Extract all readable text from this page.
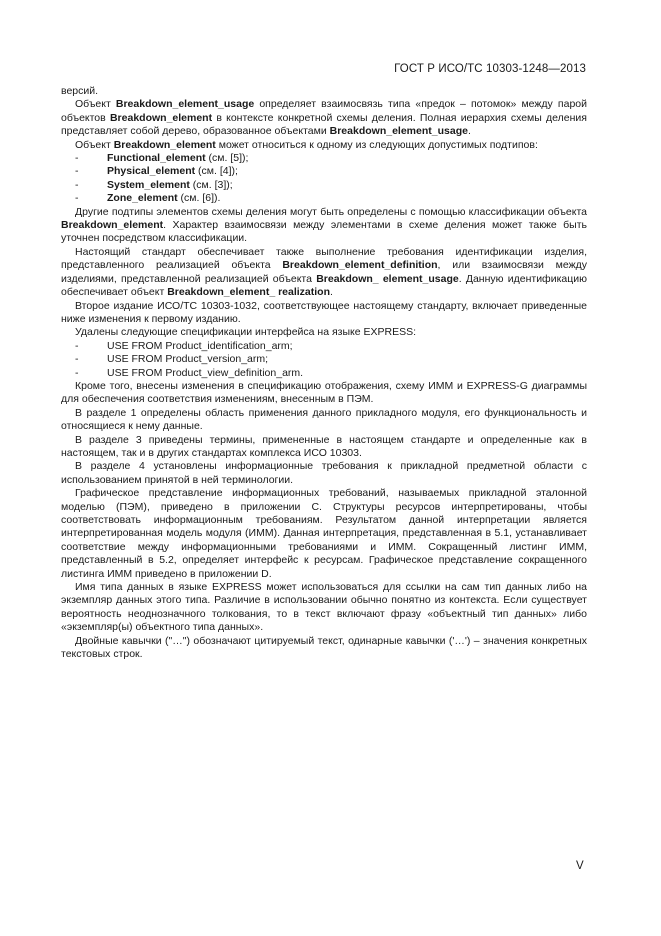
ГОСТ Р ИСО/ТС 10303-1248—2013

версий.

Объект Breakdown_element_usage определяет взаимосвязь типа «предок – потомок» между парой объектов Breakdown_element в контексте конкретной схемы деления. Полная иерархия схемы деления представляет собой дерево, образованное объектами Breakdown_element_usage.

Объект Breakdown_element может относиться к одному из следующих допустимых подтипов:

-	Functional_element (см. [5]);

-	Physical_element (см. [4]);

-	System_element (см. [3]);

-	Zone_element (см. [6]).

Другие подтипы элементов схемы деления могут быть определены с помощью классификации объекта Breakdown_element. Характер взаимосвязи между элементами в схеме деления может также быть уточнен посредством классификации.

Настоящий стандарт обеспечивает также выполнение требования идентификации изделия, представленного реализацией объекта Breakdown_element_definition, или взаимосвязи между изделиями, представленной реализацией объекта Breakdown_ element_usage. Данную идентификацию обеспечивает объект Breakdown_element_ realization.

Второе издание ИСО/ТС 10303-1032, соответствующее настоящему стандарту, включает приведенные ниже изменения к первому изданию.

Удалены следующие спецификации интерфейса на языке EXPRESS:

-	USE FROM Product_identification_arm;

-	USE FROM Product_version_arm;

-	USE FROM Product_view_definition_arm.

Кроме того, внесены изменения в спецификацию отображения, схему ИММ и EXPRESS-G диаграммы для обеспечения соответствия изменениям, внесенным в ПЭМ.

В разделе 1 определены область применения данного прикладного модуля, его функциональность и относящиеся к нему данные.

В разделе 3 приведены термины, примененные в настоящем стандарте и определенные как в настоящем, так и в других стандартах комплекса ИСО 10303.

В разделе 4 установлены информационные требования к прикладной предметной области с использованием принятой в ней терминологии.

Графическое представление информационных требований, называемых прикладной эталонной моделью (ПЭМ), приведено в приложении С. Структуры ресурсов интерпретированы, чтобы соответствовать информационным требованиям. Результатом данной интерпретации является интерпретированная модель модуля (ИММ). Данная интерпретация, представленная в 5.1, устанавливает соответствие между информационными требованиями и ИММ. Сокращенный листинг ИММ, представленный в 5.2, определяет интерфейс к ресурсам. Графическое представление сокращенного листинга ИММ приведено в приложении D.

Имя типа данных в языке EXPRESS может использоваться для ссылки на сам тип данных либо на экземпляр данных этого типа. Различие в использовании обычно понятно из контекста. Если существует вероятность неоднозначного толкования, то в текст включают фразу «объектный тип данных» либо «экземпляр(ы) объектного типа данных».

Двойные кавычки ("…") обозначают цитируемый текст, одинарные кавычки ('…') – значения конкретных текстовых строк.

V
